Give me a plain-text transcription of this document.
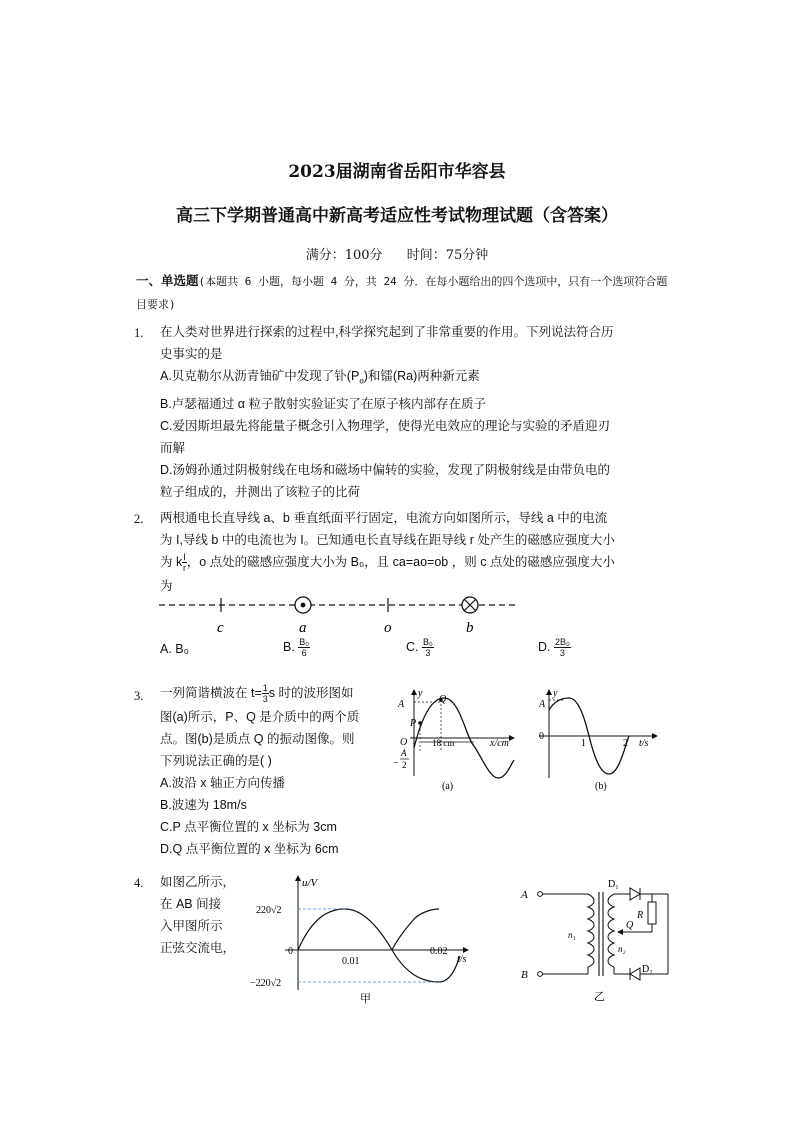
2023届湖南省岳阳市华容县
高三下学期普通高中新高考适应性考试物理试题（含答案）
满分：100分 时间：75分钟
一、单选题(本题共 6 小题，每小题 4 分，共 24 分．在每小题给出的四个选项中，只有一个选项符合题目要求)
1. 在人类对世界进行探索的过程中,科学探究起到了非常重要的作用。下列说法符合历
史事实的是
A.贝克勒尔从沥青铀矿中发现了钋$(P_o)$和镭(Ra)两种新元素
B.卢瑟福通过 α 粒子散射实验证实了在原子核内部存在质子
C.爱因斯坦最先将能量子概念引入物理学，使得光电效应的理论与实验的矛盾迎刃
而解
D.汤姆孙通过阴极射线在电场和磁场中偏转的实验，发现了阴极射线是由带负电的
粒子组成的，并测出了该粒子的比荷
2. 两根通电长直导线 a、b 垂直纸面平行固定，电流方向如图所示，导线 a 中的电流
为 I,导线 b 中的电流也为 I。已知通电长直导线在距导线 r 处产生的磁感应强度大小
为 k $\frac{I}{r}$ ，o 点处的磁感应强度大小为 B₀，且 ca=ao=ob ，则 c 点处的磁感应强度大小
为
c	a	o	b
A. B₀	B. $\frac{\text{B₀}}{6}$	C. $\frac{\text{B₀}}{3}$	D. $\frac{\text{2B₀}}{3}$
3. 一列简谐横波在 $t= \frac{1}{3}$ s 时的波形图如
图(a)所示，P、Q 是介质中的两个质
点。图(b)是质点 Q 的振动图像。则
下列说法正确的是( )
A.波沿 x 轴正方向传播
B.波速为 18m/s
C.P 点平衡位置的 x 坐标为 3cm
D.Q 点平衡位置的 x 坐标为 6cm
y
A
O
P
Q
18 cm	x/cm
−
A
2
(a)
y
A
0
1	2 t/s
(b)
4. 如图乙所示，
在 AB 间接
入甲图所示
正弦交流电，
u/V
220√2
0
0.01
0.02
t/s
−220√2
甲
A
B
D₁
D₂
R
Q
n₁
n₂
乙
